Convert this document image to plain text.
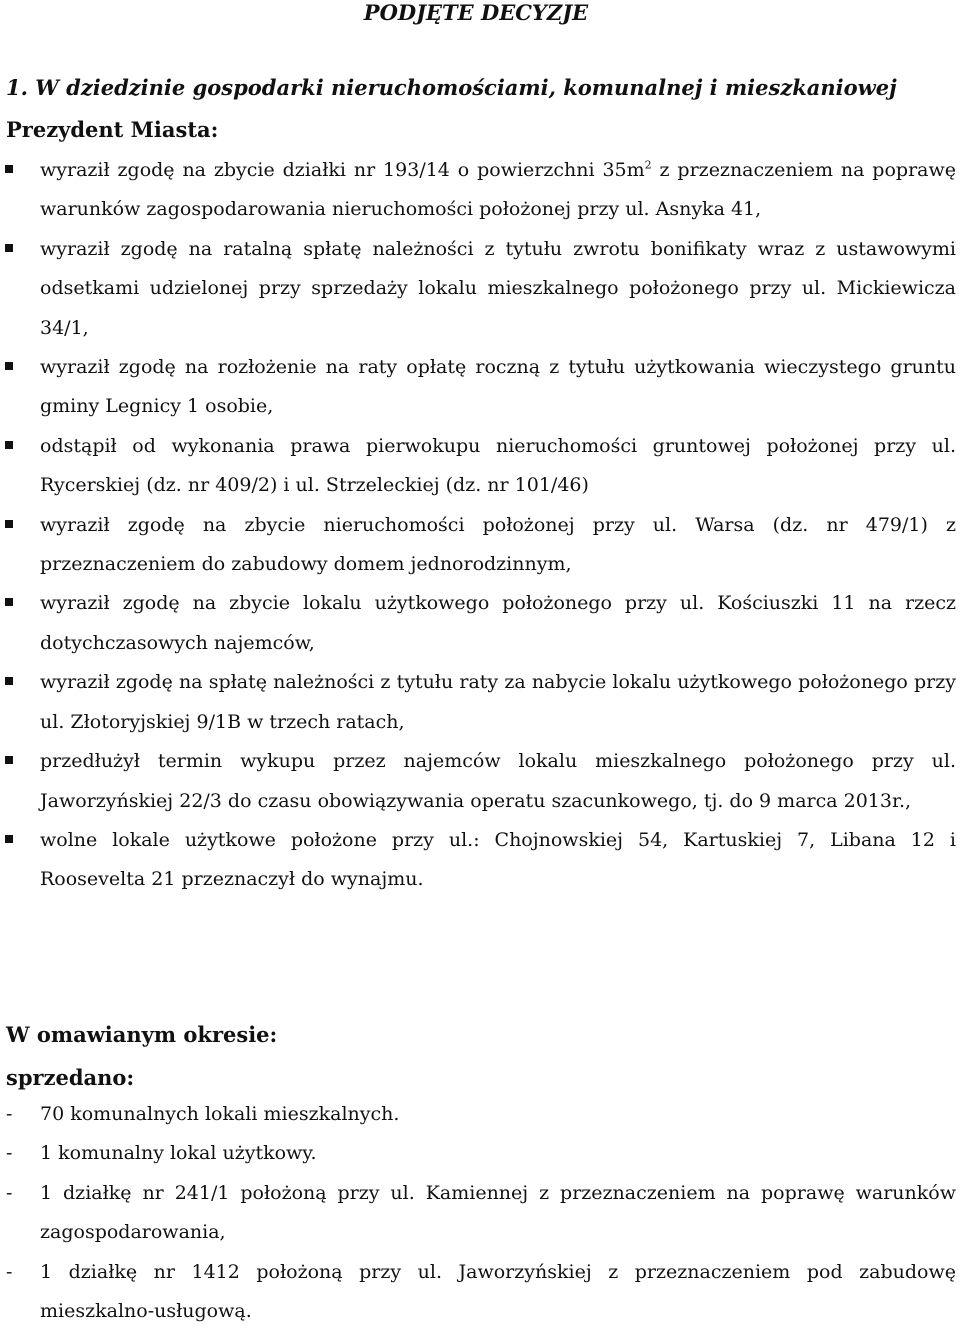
PODJĘTE DECYZJE
1. W dziedzinie gospodarki nieruchomościami, komunalnej i mieszkaniowej
Prezydent Miasta:
wyraził zgodę na zbycie działki nr 193/14 o powierzchni $35m^2$ z przeznaczeniem na poprawę warunków zagospodarowania nieruchomości położonej przy ul. Asnyka 41,
wyraził zgodę na ratalną spłatę należności z tytułu zwrotu bonifikaty wraz z ustawowymi odsetkami udzielonej przy sprzedaży lokalu mieszkalnego położonego przy ul. Mickiewicza 34/1,
wyraził zgodę na rozłożenie na raty opłatę roczną z tytułu użytkowania wieczystego gruntu gminy Legnicy 1 osobie,
odstąpił od wykonania prawa pierwokupu nieruchomości gruntowej położonej przy ul. Rycerskiej (dz. nr 409/2) i ul. Strzeleckiej (dz. nr 101/46)
wyraził zgodę na zbycie nieruchomości położonej przy ul. Warsa (dz. nr 479/1) z przeznaczeniem do zabudowy domem jednorodzinnym,
wyraził zgodę na zbycie lokalu użytkowego położonego przy ul. Kościuszki 11 na rzecz dotychczasowych najemców,
wyraził zgodę na spłatę należności z tytułu raty za nabycie lokalu użytkowego położonego przy ul. Złotoryjskiej 9/1B w trzech ratach,
przedłużył termin wykupu przez najemców lokalu mieszkalnego położonego przy ul. Jaworzyńskiej 22/3 do czasu obowiązywania operatu szacunkowego, tj. do 9 marca 2013r.,
wolne lokale użytkowe położone przy ul.: Chojnowskiej 54, Kartuskiej 7, Libana 12 i Roosevelta 21 przeznaczył do wynajmu.
W omawianym okresie:
sprzedano:
- 70 komunalnych lokali mieszkalnych.
- 1 komunalny lokal użytkowy.
- 1 działkę nr 241/1 położoną przy ul. Kamiennej z przeznaczeniem na poprawę warunków zagospodarowania,
- 1 działkę nr 1412 położoną przy ul. Jaworzyńskiej z przeznaczeniem pod zabudowę mieszkalno-usługową.
